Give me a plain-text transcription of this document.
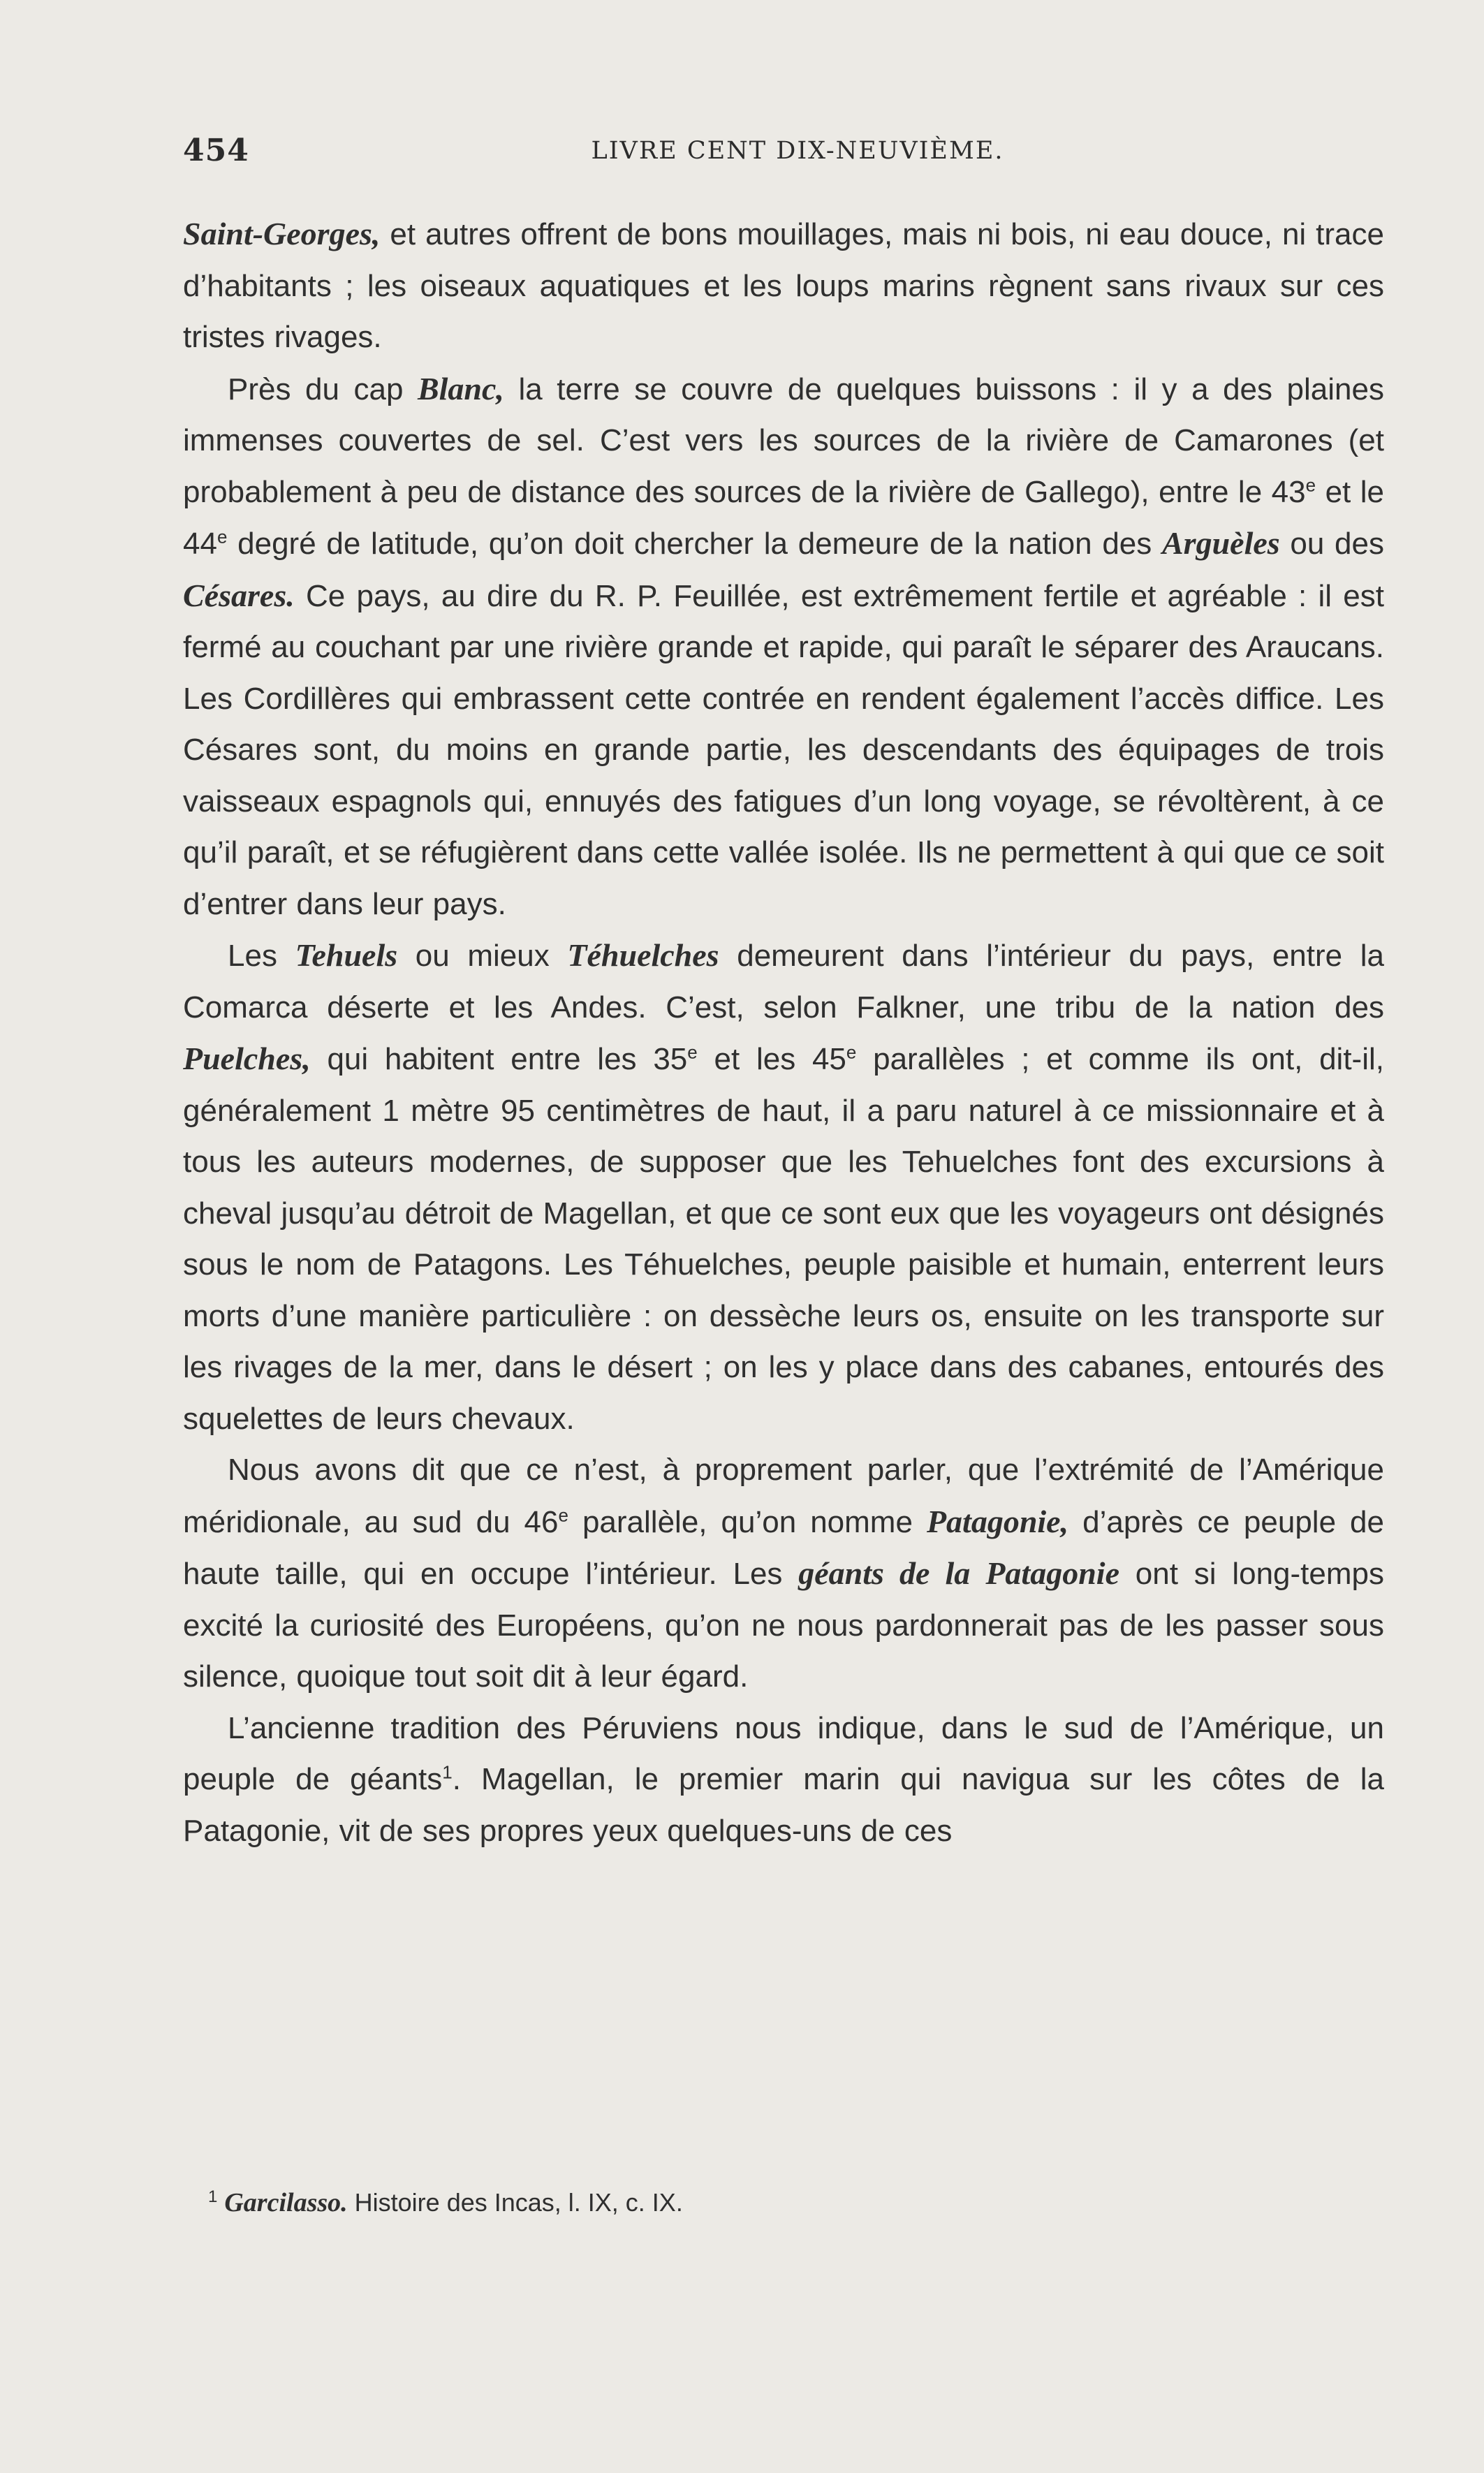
454	LIVRE CENT DIX-NEUVIÈME.

Saint-Georges, et autres offrent de bons mouillages, mais ni bois, ni eau douce, ni trace d’habitants ; les oiseaux aquatiques et les loups marins règnent sans rivaux sur ces tristes rivages.

Près du cap Blanc, la terre se couvre de quelques buissons : il y a des plaines immenses couvertes de sel. C’est vers les sources de la rivière de Camarones (et probablement à peu de distance des sources de la rivière de Gallego), entre le 43e et le 44e degré de latitude, qu’on doit chercher la demeure de la nation des Arguèles ou des Césares. Ce pays, au dire du R. P. Feuillée, est extrêmement fertile et agréable : il est fermé au couchant par une rivière grande et rapide, qui paraît le séparer des Araucans. Les Cordillères qui embrassent cette contrée en rendent également l’accès diffice. Les Césares sont, du moins en grande partie, les descendants des équipages de trois vaisseaux espagnols qui, ennuyés des fatigues d’un long voyage, se révoltèrent, à ce qu’il paraît, et se réfugièrent dans cette vallée isolée. Ils ne permettent à qui que ce soit d’entrer dans leur pays.

Les Tehuels ou mieux Téhuelches demeurent dans l’intérieur du pays, entre la Comarca déserte et les Andes. C’est, selon Falkner, une tribu de la nation des Puelches, qui habitent entre les 35e et les 45e parallèles ; et comme ils ont, dit-il, généralement 1 mètre 95 centimètres de haut, il a paru naturel à ce missionnaire et à tous les auteurs modernes, de supposer que les Tehuelches font des excursions à cheval jusqu’au détroit de Magellan, et que ce sont eux que les voyageurs ont désignés sous le nom de Patagons. Les Téhuelches, peuple paisible et humain, enterrent leurs morts d’une manière particulière : on dessèche leurs os, ensuite on les transporte sur les rivages de la mer, dans le désert ; on les y place dans des cabanes, entourés des squelettes de leurs chevaux.

Nous avons dit que ce n’est, à proprement parler, que l’extrémité de l’Amérique méridionale, au sud du 46e parallèle, qu’on nomme Patagonie, d’après ce peuple de haute taille, qui en occupe l’intérieur. Les géants de la Patagonie ont si long-temps excité la curiosité des Européens, qu’on ne nous pardonnerait pas de les passer sous silence, quoique tout soit dit à leur égard.

L’ancienne tradition des Péruviens nous indique, dans le sud de l’Amérique, un peuple de géants$^1$. Magellan, le premier marin qui navigua sur les côtes de la Patagonie, vit de ses propres yeux quelques-uns de ces

$^1$ Garcilasso. Histoire des Incas, l. IX, c. IX.
